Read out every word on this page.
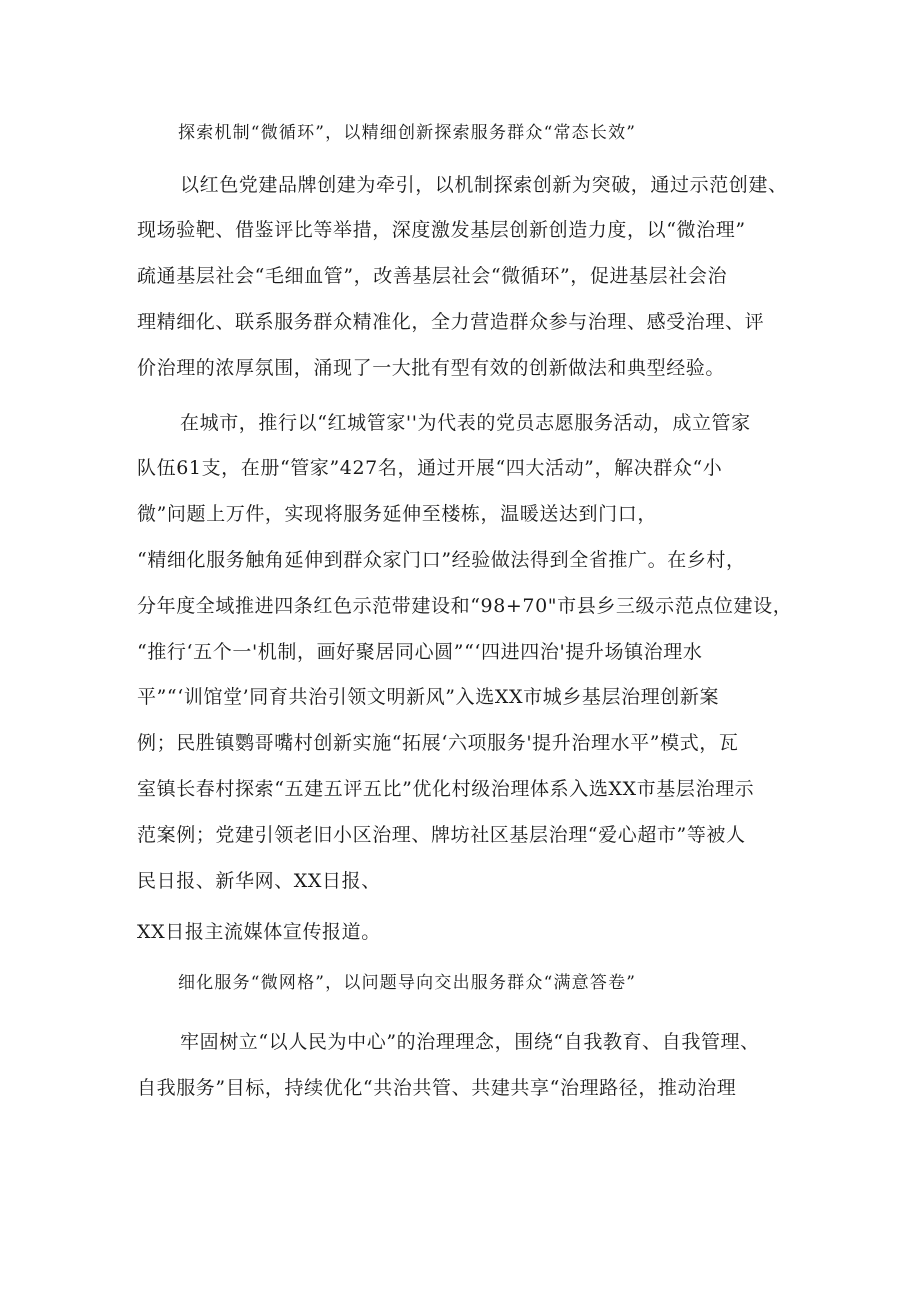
探索机制“微循环”，以精细创新探索服务群众“常态长效”
以红色党建品牌创建为牵引，以机制探索创新为突破，通过示范创建、
现场验靶、借鉴评比等举措，深度激发基层创新创造力度，以“微治理”
疏通基层社会“毛细血管”，改善基层社会“微循环”，促进基层社会治
理精细化、联系服务群众精准化，全力营造群众参与治理、感受治理、评
价治理的浓厚氛围，涌现了一大批有型有效的创新做法和典型经验。
在城市，推行以“红城管家''为代表的党员志愿服务活动，成立管家
队伍61支，在册“管家”427名，通过开展“四大活动”，解决群众“小
微”问题上万件，实现将服务延伸至楼栋，温暖送达到门口，
“精细化服务触角延伸到群众家门口”经验做法得到全省推广。在乡村，
分年度全域推进四条红色示范带建设和“98+70"市县乡三级示范点位建设，
“推行‘五个一'机制，画好聚居同心圆”“‘四进四治'提升场镇治理水
平”“‘训馆堂’同育共治引领文明新风”入选XX市城乡基层治理创新案
例；民胜镇鹦哥嘴村创新实施“拓展‘六项服务'提升治理水平”模式，瓦
室镇长春村探索“五建五评五比”优化村级治理体系入选XX市基层治理示
范案例；党建引领老旧小区治理、牌坊社区基层治理“爱心超市”等被人
民日报、新华网、XX日报、
XX日报主流媒体宣传报道。
细化服务“微网格”，以问题导向交出服务群众“满意答卷”
牢固树立“以人民为中心”的治理理念，围绕“自我教育、自我管理、
自我服务”目标，持续优化“共治共管、共建共享“治理路径，推动治理
